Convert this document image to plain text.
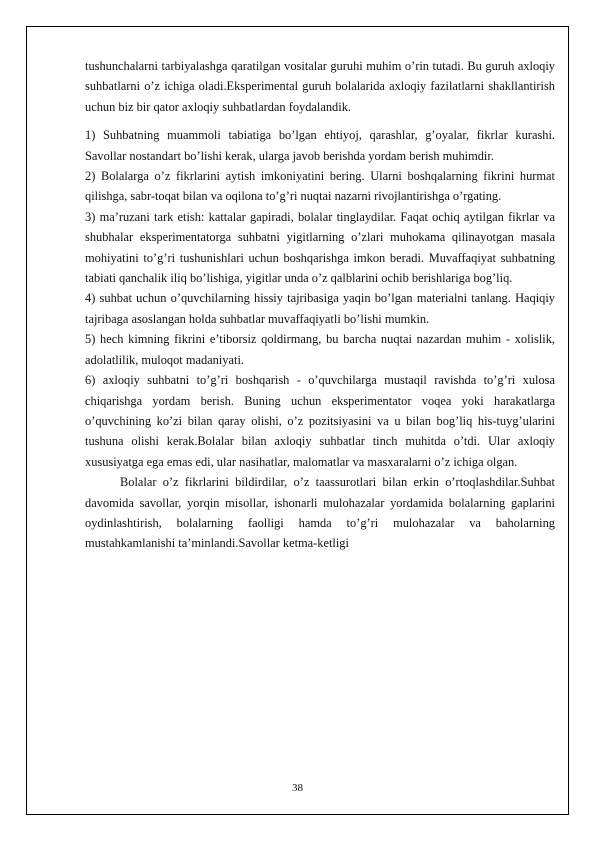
tushunchalarni tarbiyalashga qaratilgan vositalar guruhi muhim o’rin tutadi. Bu guruh axloqiy suhbatlarni o’z ichiga oladi.Eksperimental guruh bolalarida axloqiy fazilatlarni shakllantirish uchun biz bir qator axloqiy suhbatlardan foydalandik.

1) Suhbatning muammoli tabiatiga bo’lgan ehtiyoj, qarashlar, g’oyalar, fikrlar kurashi. Savollar nostandart bo’lishi kerak, ularga javob berishda yordam berish muhimdir.

2) Bolalarga o’z fikrlarini aytish imkoniyatini bering. Ularni boshqalarning fikrini hurmat qilishga, sabr-toqat bilan va oqilona to’g’ri nuqtai nazarni rivojlantirishga o’rgating.

3) ma’ruzani tark etish: kattalar gapiradi, bolalar tinglaydilar. Faqat ochiq aytilgan fikrlar va shubhalar eksperimentatorga suhbatni yigitlarning o’zlari muhokama qilinayotgan masala mohiyatini to’g’ri tushunishlari uchun boshqarishga imkon beradi. Muvaffaqiyat suhbatning tabiati qanchalik iliq bo’lishiga, yigitlar unda o’z qalblarini ochib berishlariga bog’liq.

4) suhbat uchun o’quvchilarning hissiy tajribasiga yaqin bo’lgan materialni tanlang. Haqiqiy tajribaga asoslangan holda suhbatlar muvaffaqiyatli bo’lishi mumkin.

5) hech kimning fikrini e’tiborsiz qoldirmang, bu barcha nuqtai nazardan muhim - xolislik, adolatlilik, muloqot madaniyati.

6) axloqiy suhbatni to’g’ri boshqarish - o’quvchilarga mustaqil ravishda to’g’ri xulosa chiqarishga yordam berish. Buning uchun eksperimentator voqea yoki harakatlarga o’quvchining ko’zi bilan qaray olishi, o’z pozitsiyasini va u bilan bog’liq his-tuyg’ularini tushuna olishi kerak.Bolalar bilan axloqiy suhbatlar tinch muhitda o’tdi. Ular axloqiy xususiyatga ega emas edi, ular nasihatlar, malomatlar va masxaralarni o’z ichiga olgan.

Bolalar o’z fikrlarini bildirdilar, o’z taassurotlari bilan erkin o’rtoqlashdilar.Suhbat davomida savollar, yorqin misollar, ishonarli mulohazalar yordamida bolalarning gaplarini oydinlashtirish, bolalarning faolligi hamda to’g’ri mulohazalar va baholarning mustahkamlanishi ta’minlandi.Savollar ketma-ketligi

38
